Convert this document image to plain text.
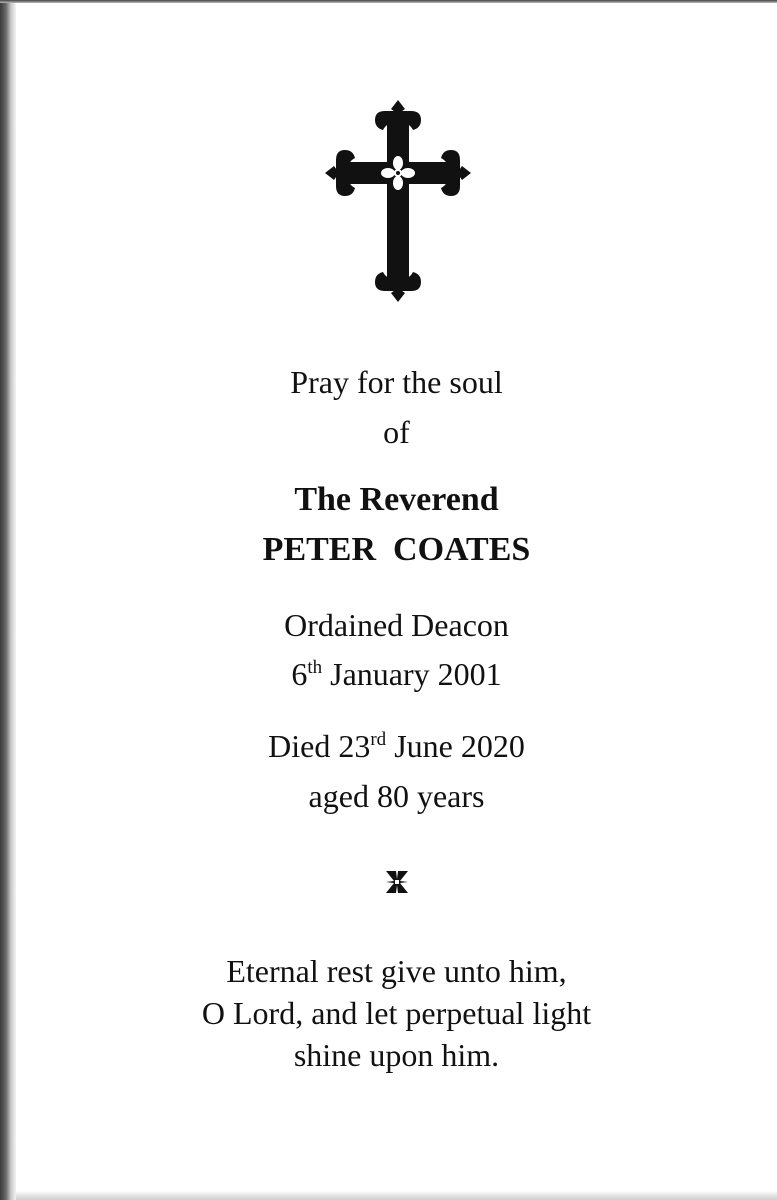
Pray for the soul
of
The Reverend
PETER  COATES
Ordained Deacon
6th January 2001
Died 23rd June 2020
aged 80 years
Eternal rest give unto him,
O Lord, and let perpetual light
shine upon him.
